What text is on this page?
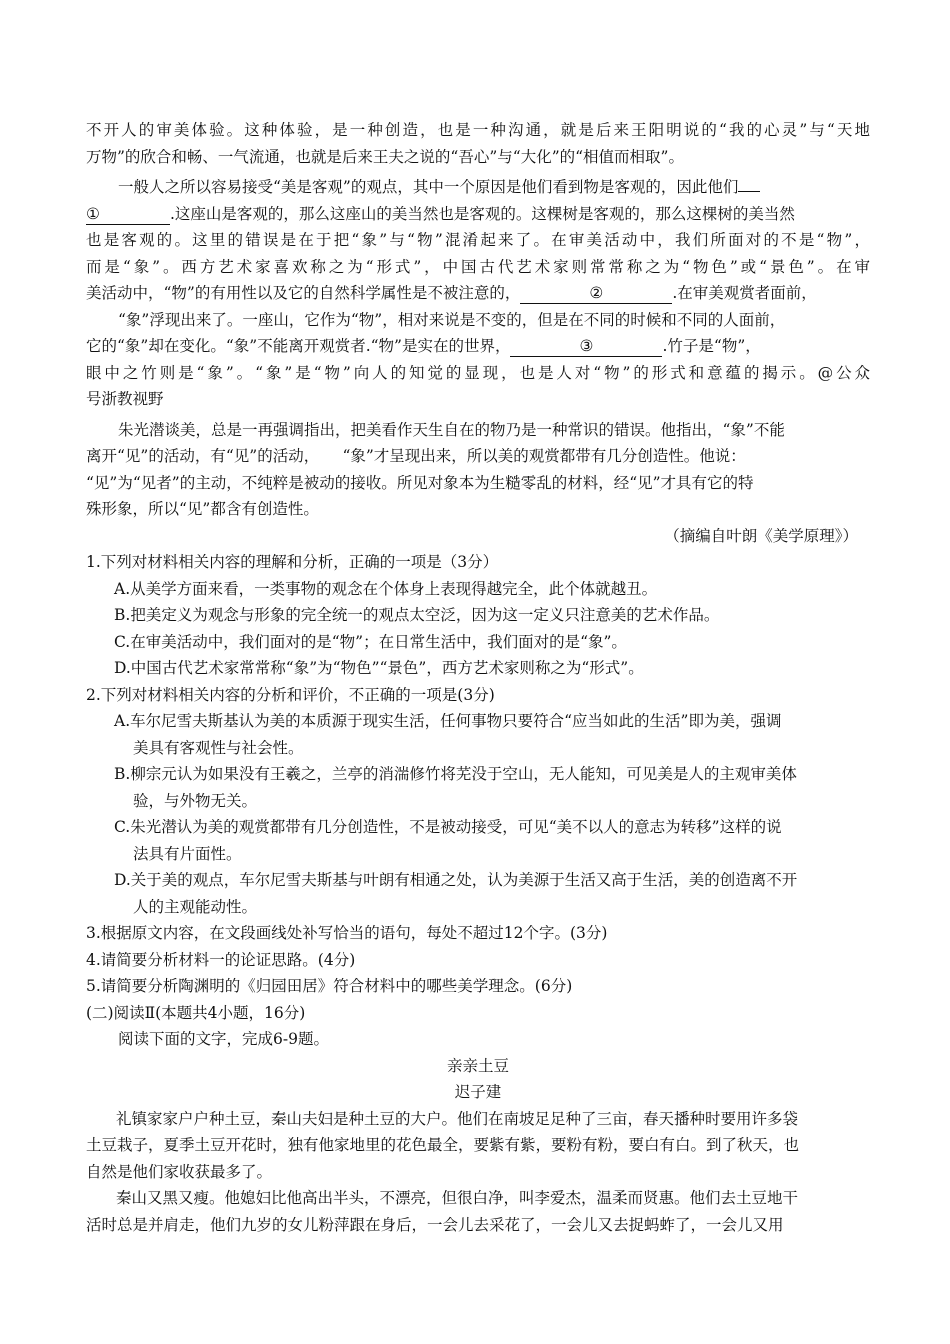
不开人的审美体验。这种体验，是一种创造，也是一种沟通，就是后来王阳明说的“我的心灵”与“天地
万物”的欣合和畅、一气流通，也就是后来王夫之说的“吾心”与“大化”的“相值而相取”。
一般人之所以容易接受“美是客观”的观点，其中一个原因是他们看到物是客观的，因此他们
①	.这座山是客观的，那么这座山的美当然也是客观的。这棵树是客观的，那么这棵树的美当然
也是客观的。这里的错误是在于把“象”与“物”混淆起来了。在审美活动中，我们所面对的不是“物”，
而是“象”。西方艺术家喜欢称之为“形式”，中国古代艺术家则常常称之为“物色”或“景色”。在审
美活动中，“物”的有用性以及它的自然科学属性是不被注意的，	②	.在审美观赏者面前，
“象”浮现出来了。一座山，它作为“物”，相对来说是不变的，但是在不同的时候和不同的人面前，
它的“象”却在变化。“象”不能离开观赏者.“物”是实在的世界，	③	.竹子是“物”，
眼中之竹则是“象”。“象”是“物”向人的知觉的显现，也是人对“物”的形式和意蕴的揭示。@公众
号浙教视野
朱光潜谈美，总是一再强调指出，把美看作天生自在的物乃是一种常识的错误。他指出，“象”不能
离开“见”的活动，有“见”的活动，　　“象”才呈现出来，所以美的观赏都带有几分创造性。他说：
“见”为“见者”的主动，不纯粹是被动的接收。所见对象本为生糙零乱的材料，经“见”才具有它的特
殊形象，所以“见”都含有创造性。
（摘编自叶朗《美学原理》）
1.下列对材料相关内容的理解和分析，正确的一项是（3分）
A.从美学方面来看，一类事物的观念在个体身上表现得越完全，此个体就越丑。
B.把美定义为观念与形象的完全统一的观点太空泛，因为这一定义只注意美的艺术作品。
C.在审美活动中，我们面对的是“物”；在日常生活中，我们面对的是“象”。
D.中国古代艺术家常常称“象”为“物色”“景色”，西方艺术家则称之为“形式”。
2.下列对材料相关内容的分析和评价，不正确的一项是(3分)
A.车尔尼雪夫斯基认为美的本质源于现实生活，任何事物只要符合“应当如此的生活”即为美，强调
美具有客观性与社会性。
B.柳宗元认为如果没有王羲之，兰亭的消湍修竹将芜没于空山，无人能知，可见美是人的主观审美体
验，与外物无关。
C.朱光潜认为美的观赏都带有几分创造性，不是被动接受，可见“美不以人的意志为转移”这样的说
法具有片面性。
D.关于美的观点，车尔尼雪夫斯基与叶朗有相通之处，认为美源于生活又高于生活，美的创造离不开
人的主观能动性。
3.根据原文内容，在文段画线处补写恰当的语句，每处不超过12个字。(3分)
4.请简要分析材料一的论证思路。(4分)
5.请简要分析陶渊明的《归园田居》符合材料中的哪些美学理念。(6分)
(二)阅读Ⅱ(本题共4小题，16分)
阅读下面的文字，完成6-9题。
亲亲土豆
迟子建
礼镇家家户户种土豆，秦山夫妇是种土豆的大户。他们在南坡足足种了三亩，春天播种时要用许多袋
土豆栽子，夏季土豆开花时，独有他家地里的花色最全，要紫有紫，要粉有粉，要白有白。到了秋天，也
自然是他们家收获最多了。
秦山又黑又瘦。他媳妇比他高出半头，不漂亮，但很白净，叫李爱杰，温柔而贤惠。他们去土豆地干
活时总是并肩走，他们九岁的女儿粉萍跟在身后，一会儿去采花了，一会儿又去捉蚂蚱了，一会儿又用
